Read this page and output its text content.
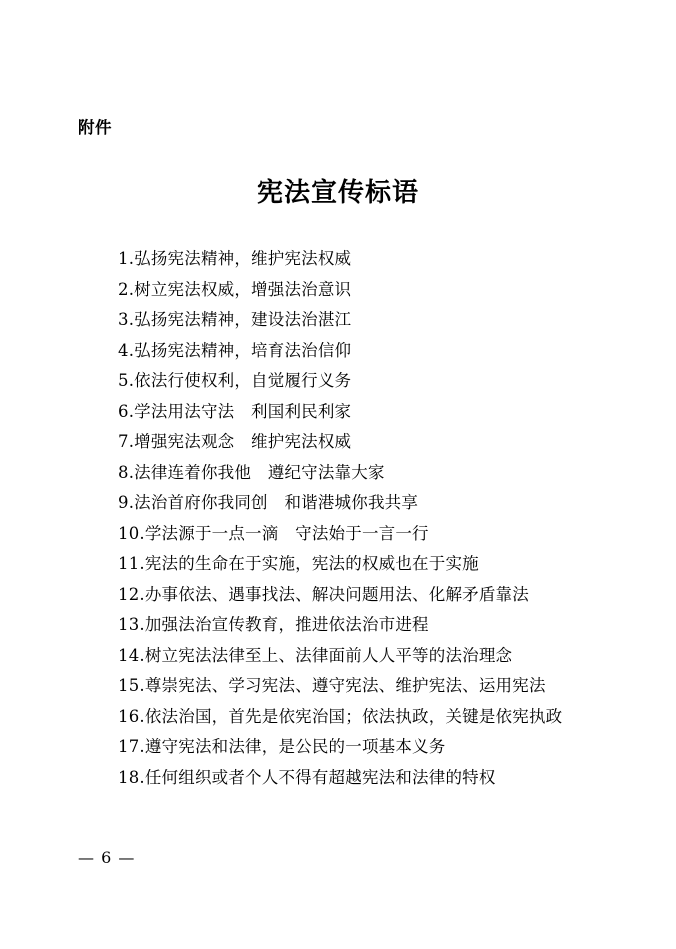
附件
宪法宣传标语
1.弘扬宪法精神，维护宪法权威
2.树立宪法权威，增强法治意识
3.弘扬宪法精神，建设法治湛江
4.弘扬宪法精神，培育法治信仰
5.依法行使权利，自觉履行义务
6.学法用法守法　利国利民利家
7.增强宪法观念　维护宪法权威
8.法律连着你我他　遵纪守法靠大家
9.法治首府你我同创　和谐港城你我共享
10.学法源于一点一滴　守法始于一言一行
11.宪法的生命在于实施，宪法的权威也在于实施
12.办事依法、遇事找法、解决问题用法、化解矛盾靠法
13.加强法治宣传教育，推进依法治市进程
14.树立宪法法律至上、法律面前人人平等的法治理念
15.尊崇宪法、学习宪法、遵守宪法、维护宪法、运用宪法
16.依法治国，首先是依宪治国；依法执政，关键是依宪执政
17.遵守宪法和法律，是公民的一项基本义务
18.任何组织或者个人不得有超越宪法和法律的特权
— 6 —
